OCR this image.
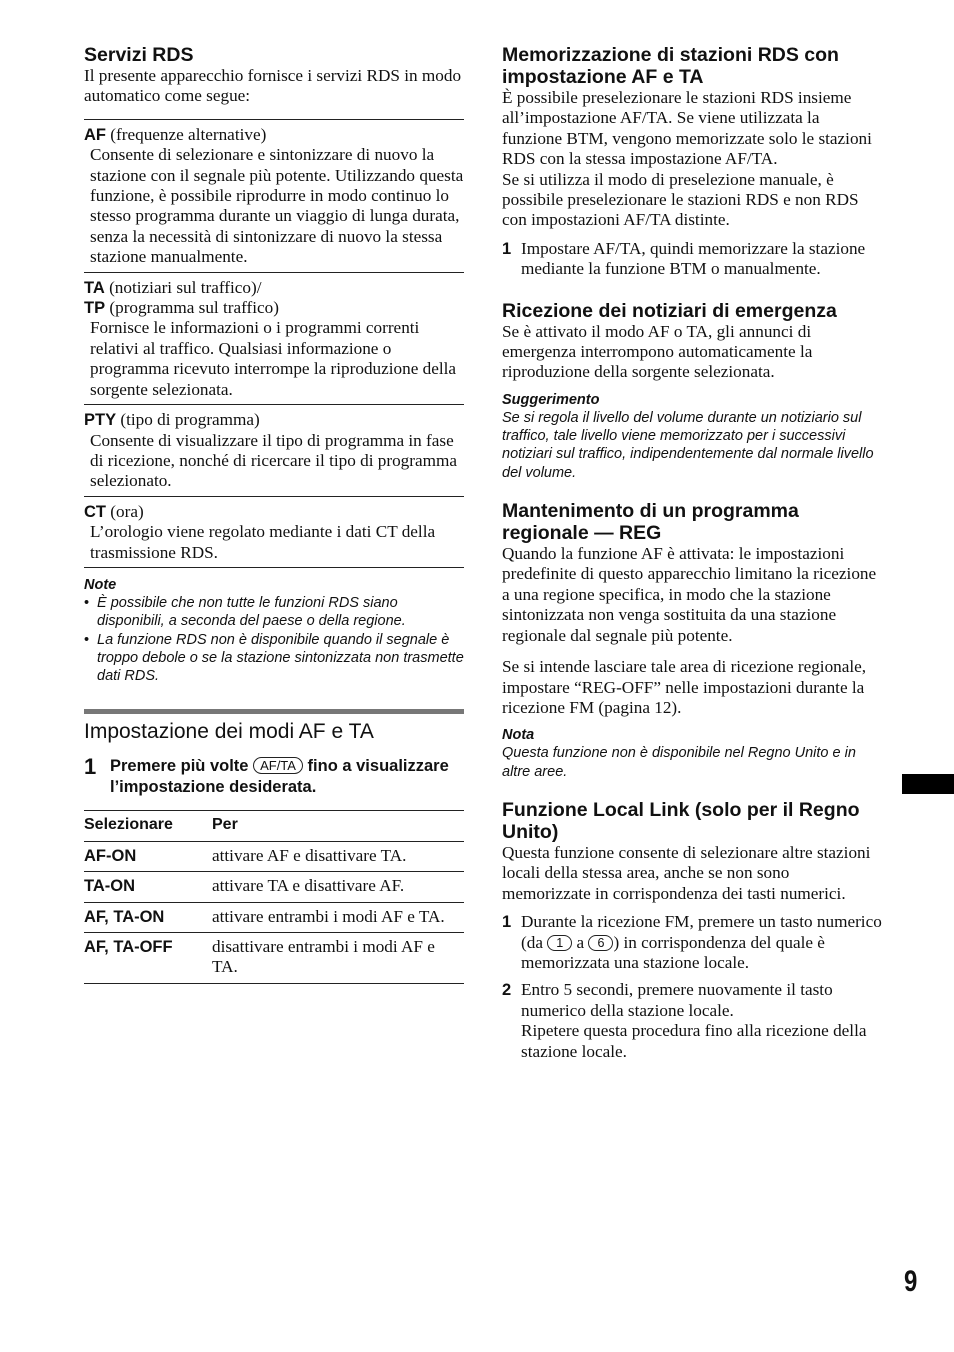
Servizi RDS

Il presente apparecchio fornisce i servizi RDS in modo automatico come segue:

AF (frequenze alternative)
Consente di selezionare e sintonizzare di nuovo la stazione con il segnale più potente. Utilizzando questa funzione, è possibile riprodurre in modo continuo lo stesso programma durante un viaggio di lunga durata, senza la necessità di sintonizzare di nuovo la stessa stazione manualmente.
TA (notiziari sul traffico)/
TP (programma sul traffico)
Fornisce le informazioni o i programmi correnti relativi al traffico. Qualsiasi informazione o programma ricevuto interrompe la riproduzione della sorgente selezionata.
PTY (tipo di programma)
Consente di visualizzare il tipo di programma in fase di ricezione, nonché di ricercare il tipo di programma selezionato.
CT (ora)
L’orologio viene regolato mediante i dati CT della trasmissione RDS.
Note
• È possibile che non tutte le funzioni RDS siano disponibili, a seconda del paese o della regione.
• La funzione RDS non è disponibile quando il segnale è troppo debole o se la stazione sintonizzata non trasmette dati RDS.
Impostazione dei modi AF e TA
1 Premere più volte AF/TA fino a visualizzare l’impostazione desiderata.
Selezionare	Per
AF-ON	attivare AF e disattivare TA.
TA-ON	attivare TA e disattivare AF.
AF, TA-ON	attivare entrambi i modi AF e TA.
AF, TA-OFF	disattivare entrambi i modi AF e TA.
Memorizzazione di stazioni RDS con impostazione AF e TA

È possibile preselezionare le stazioni RDS insieme all’impostazione AF/TA. Se viene utilizzata la funzione BTM, vengono memorizzate solo le stazioni RDS con la stessa impostazione AF/TA.

Se si utilizza il modo di preselezione manuale, è possibile preselezionare le stazioni RDS e non RDS con impostazioni AF/TA distinte.

1 Impostare AF/TA, quindi memorizzare la stazione mediante la funzione BTM o manualmente.
Ricezione dei notiziari di emergenza

Se è attivato il modo AF o TA, gli annunci di emergenza interrompono automaticamente la riproduzione della sorgente selezionata.

Suggerimento
Se si regola il livello del volume durante un notiziario sul traffico, tale livello viene memorizzato per i successivi notiziari sul traffico, indipendentemente dal normale livello del volume.
Mantenimento di un programma regionale — REG

Quando la funzione AF è attivata: le impostazioni predefinite di questo apparecchio limitano la ricezione a una regione specifica, in modo che la stazione sintonizzata non venga sostituita da una stazione regionale dal segnale più potente.

Se si intende lasciare tale area di ricezione regionale, impostare “REG-OFF” nelle impostazioni durante la ricezione FM (pagina 12).

Nota
Questa funzione non è disponibile nel Regno Unito e in altre aree.
Funzione Local Link (solo per il Regno Unito)

Questa funzione consente di selezionare altre stazioni locali della stessa area, anche se non sono memorizzate in corrispondenza dei tasti numerici.

1 Durante la ricezione FM, premere un tasto numerico (da 1 a 6 ) in corrispondenza del quale è memorizzata una stazione locale.
2 Entro 5 secondi, premere nuovamente il tasto numerico della stazione locale.
Ripetere questa procedura fino alla ricezione della stazione locale.
9
